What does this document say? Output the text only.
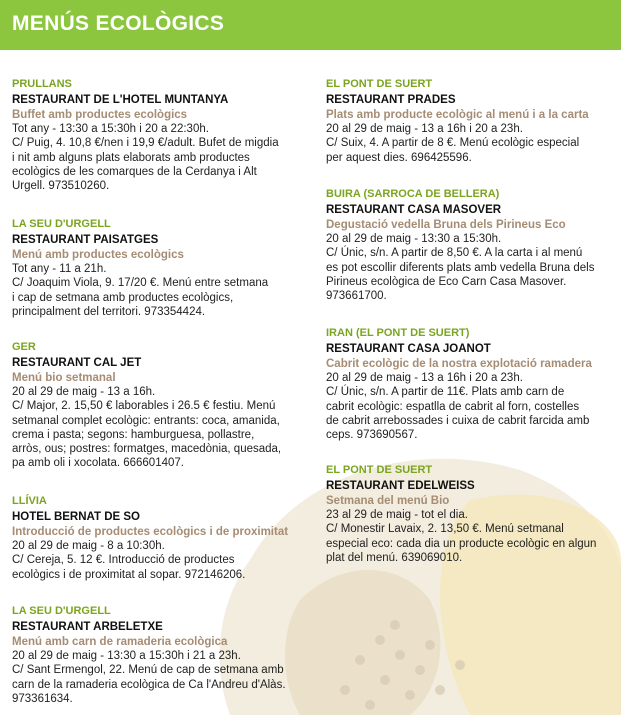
MENÚS ECOLÒGICS
PRULLANS
RESTAURANT DE L'HOTEL MUNTANYA
Buffet amb productes ecològics
Tot any - 13:30 a 15:30h i 20 a 22:30h.
C/ Puig, 4. 10,8 €/nen i 19,9 €/adult. Bufet de migdia
i nit amb alguns plats elaborats amb productes
ecològics de les comarques de la Cerdanya i Alt
Urgell. 973510260.
LA SEU D'URGELL
RESTAURANT PAISATGES
Menú amb productes ecològics
Tot any - 11 a 21h.
C/ Joaquim Viola, 9. 17/20 €. Menú entre setmana
i cap de setmana amb productes ecològics,
principalment del territori. 973354424.
GER
RESTAURANT CAL JET
Menú bio setmanal
20 al 29 de maig - 13 a 16h.
C/ Major, 2. 15,50 € laborables i 26.5 € festiu. Menú
setmanal complet ecològic: entrants: coca, amanida,
crema i pasta; segons: hamburguesa, pollastre,
arròs, ous; postres: formatges, macedònia, quesada,
pa amb oli i xocolata. 666601407.
LLÍVIA
HOTEL BERNAT DE SO
Introducció de productes ecològics i de proximitat
20 al 29 de maig - 8 a 10:30h.
C/ Cereja, 5. 12 €. Introducció de productes
ecològics i de proximitat al sopar. 972146206.
LA SEU D'URGELL
RESTAURANT ARBELETXE
Menú amb carn de ramaderia ecològica
20 al 29 de maig - 13:30 a 15:30h i 21 a 23h.
C/ Sant Ermengol, 22. Menú de cap de setmana amb
carn de la ramaderia ecològica de Ca l'Andreu d'Alàs.
973361634.
EL PONT DE SUERT
RESTAURANT PRADES
Plats amb producte ecològic al menú i a la carta
20 al 29 de maig - 13 a 16h i 20 a 23h.
C/ Suix, 4. A partir de 8 €. Menú ecològic especial
per aquest dies. 696425596.
BUIRA (SARROCA DE BELLERA)
RESTAURANT CASA MASOVER
Degustació vedella Bruna dels Pirineus Eco
20 al 29 de maig - 13:30 a 15:30h.
C/ Únic, s/n. A partir de 8,50 €. A la carta i al menú
es pot escollir diferents plats amb vedella Bruna dels
Pirineus ecològica de Eco Carn Casa Masover.
973661700.
IRAN (EL PONT DE SUERT)
RESTAURANT CASA JOANOT
Cabrit ecològic de la nostra explotació ramadera
20 al 29 de maig - 13 a 16h i 20 a 23h.
C/ Únic, s/n. A partir de 11€. Plats amb carn de
cabrit ecològic: espatlla de cabrit al forn, costelles
de cabrit arrebossades i cuixa de cabrit farcida amb
ceps. 973690567.
EL PONT DE SUERT
RESTAURANT EDELWEISS
Setmana del menú Bio
23 al 29 de maig - tot el dia.
C/ Monestir Lavaix, 2. 13,50 €. Menú setmanal
especial eco: cada dia un producte ecològic en algun
plat del menú. 639069010.
